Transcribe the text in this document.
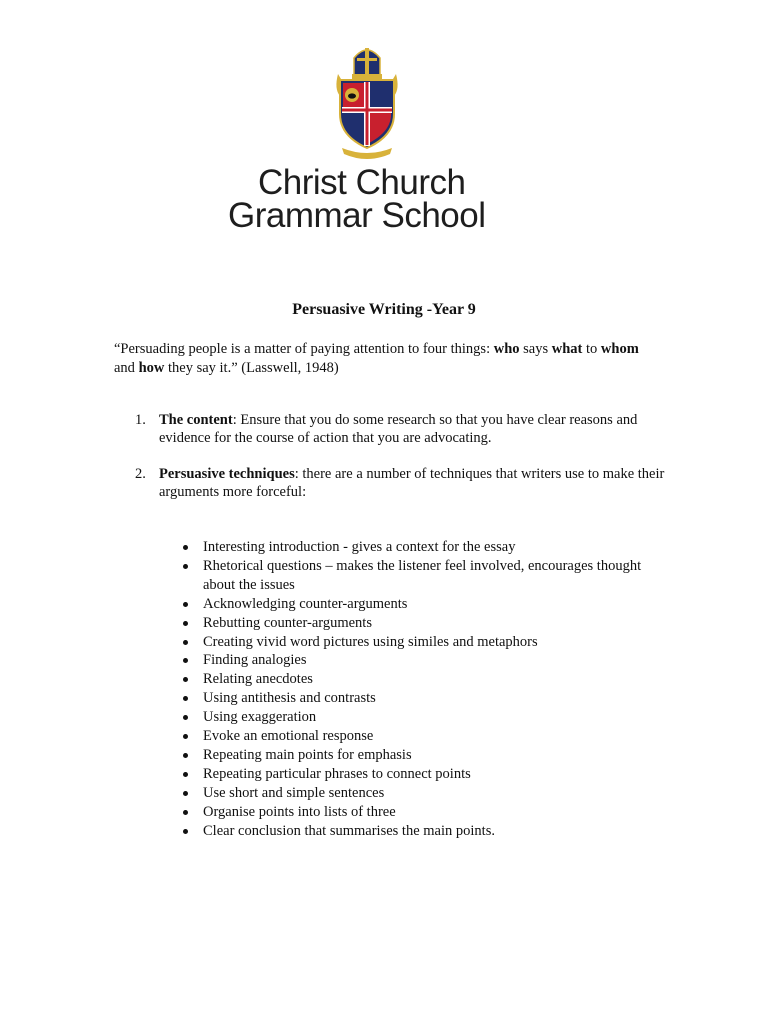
Christ Church
Grammar School
Persuasive Writing -Year 9
“Persuading people is a matter of paying attention to four things: who says what to whom and how they say it.” (Lasswell, 1948)
1. The content: Ensure that you do some research so that you have clear reasons and evidence for the course of action that you are advocating.
2. Persuasive techniques: there are a number of techniques that writers use to make their arguments more forceful:
Interesting introduction - gives a context for the essay
Rhetorical questions – makes the listener feel involved, encourages thought about the issues
Acknowledging counter-arguments
Rebutting counter-arguments
Creating vivid word pictures using similes and metaphors
Finding analogies
Relating anecdotes
Using antithesis and contrasts
Using exaggeration
Evoke an emotional response
Repeating main points for emphasis
Repeating particular phrases to connect points
Use short and simple sentences
Organise points into lists of three
Clear conclusion that summarises the main points.
